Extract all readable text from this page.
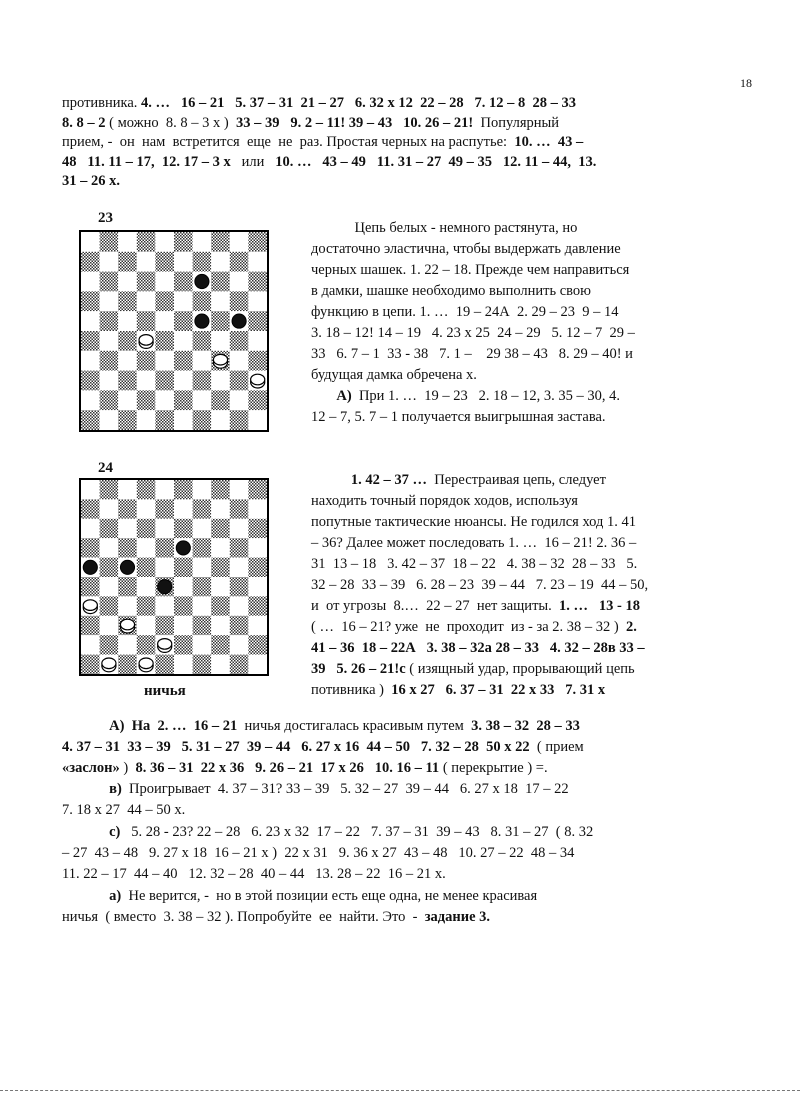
18
противника. 4. …   16 – 21   5. 37 – 31  21 – 27   6. 32 х 12  22 – 28   7. 12 – 8  28 – 33
8. 8 – 2 ( можно  8. 8 – 3 х )  33 – 39   9. 2 – 11! 39 – 43   10. 26 – 21!  Популярный
прием, -  он  нам  встретится  еще  не  раз. Простая черных на распутье:  10. …  43 –
48   11. 11 – 17,  12. 17 – 3 х   или   10. …   43 – 49   11. 31 – 27  49 – 35   12. 11 – 44,  13.
31 – 26 х.
23
Цепь белых - немного растянута, но
достаточно эластична, чтобы выдержать давление
черных шашек. 1. 22 – 18. Прежде чем направиться
в дамки, шашке необходимо выполнить свою
функцию в цепи. 1. …  19 – 24А  2. 29 – 23  9 – 14
3. 18 – 12! 14 – 19   4. 23 х 25  24 – 29   5. 12 – 7  29 –
33   6. 7 – 1  33 - 38   7. 1 –    29 38 – 43   8. 29 – 40! и
будущая дамка обречена х.
А)  При 1. …  19 – 23   2. 18 – 12, 3. 35 – 30, 4.
12 – 7, 5. 7 – 1 получается выигрышная застава.
24
ничья
1. 42 – 37 …  Перестраивая цепь, следует
находить точный порядок ходов, используя
попутные тактические нюансы. Не годился ход 1. 41
– 36? Далее может последовать 1. …  16 – 21! 2. 36 –
31  13 – 18   3. 42 – 37  18 – 22   4. 38 – 32  28 – 33   5.
32 – 28  33 – 39   6. 28 – 23  39 – 44   7. 23 – 19  44 – 50,
и  от угрозы  8.…  22 – 27  нет защиты.  1. …   13 - 18
( …  16 – 21? уже  не  проходит  из - за 2. 38 – 32 )  2.
41 – 36  18 – 22А   3. 38 – 32а 28 – 33   4. 32 – 28в 33 –
39   5. 26 – 21!с ( изящный удар, прорывающий цепь
потивника )  16 х 27   6. 37 – 31  22 х 33   7. 31 х
А) На  2. …  16 – 21  ничья достигалась красивым путем  3. 38 – 32  28 – 33
4. 37 – 31  33 – 39   5. 31 – 27  39 – 44   6. 27 х 16  44 – 50   7. 32 – 28  50 х 22  ( прием
«заслон» )  8. 36 – 31  22 х 36   9. 26 – 21  17 х 26   10. 16 – 11 ( перекрытие ) =.
в)  Проигрывает  4. 37 – 31? 33 – 39   5. 32 – 27  39 – 44   6. 27 х 18  17 – 22
7. 18 х 27  44 – 50 х.
с)   5. 28 - 23? 22 – 28   6. 23 х 32  17 – 22   7. 37 – 31  39 – 43   8. 31 – 27  ( 8. 32
– 27  43 – 48   9. 27 х 18  16 – 21 х )  22 х 31   9. 36 х 27  43 – 48   10. 27 – 22  48 – 34
11. 22 – 17  44 – 40   12. 32 – 28  40 – 44   13. 28 – 22  16 – 21 х.
а)  Не верится, -  но в этой позиции есть еще одна, не менее красивая
ничья  ( вместо  3. 38 – 32 ). Попробуйте  ее  найти. Это  -  задание 3.
